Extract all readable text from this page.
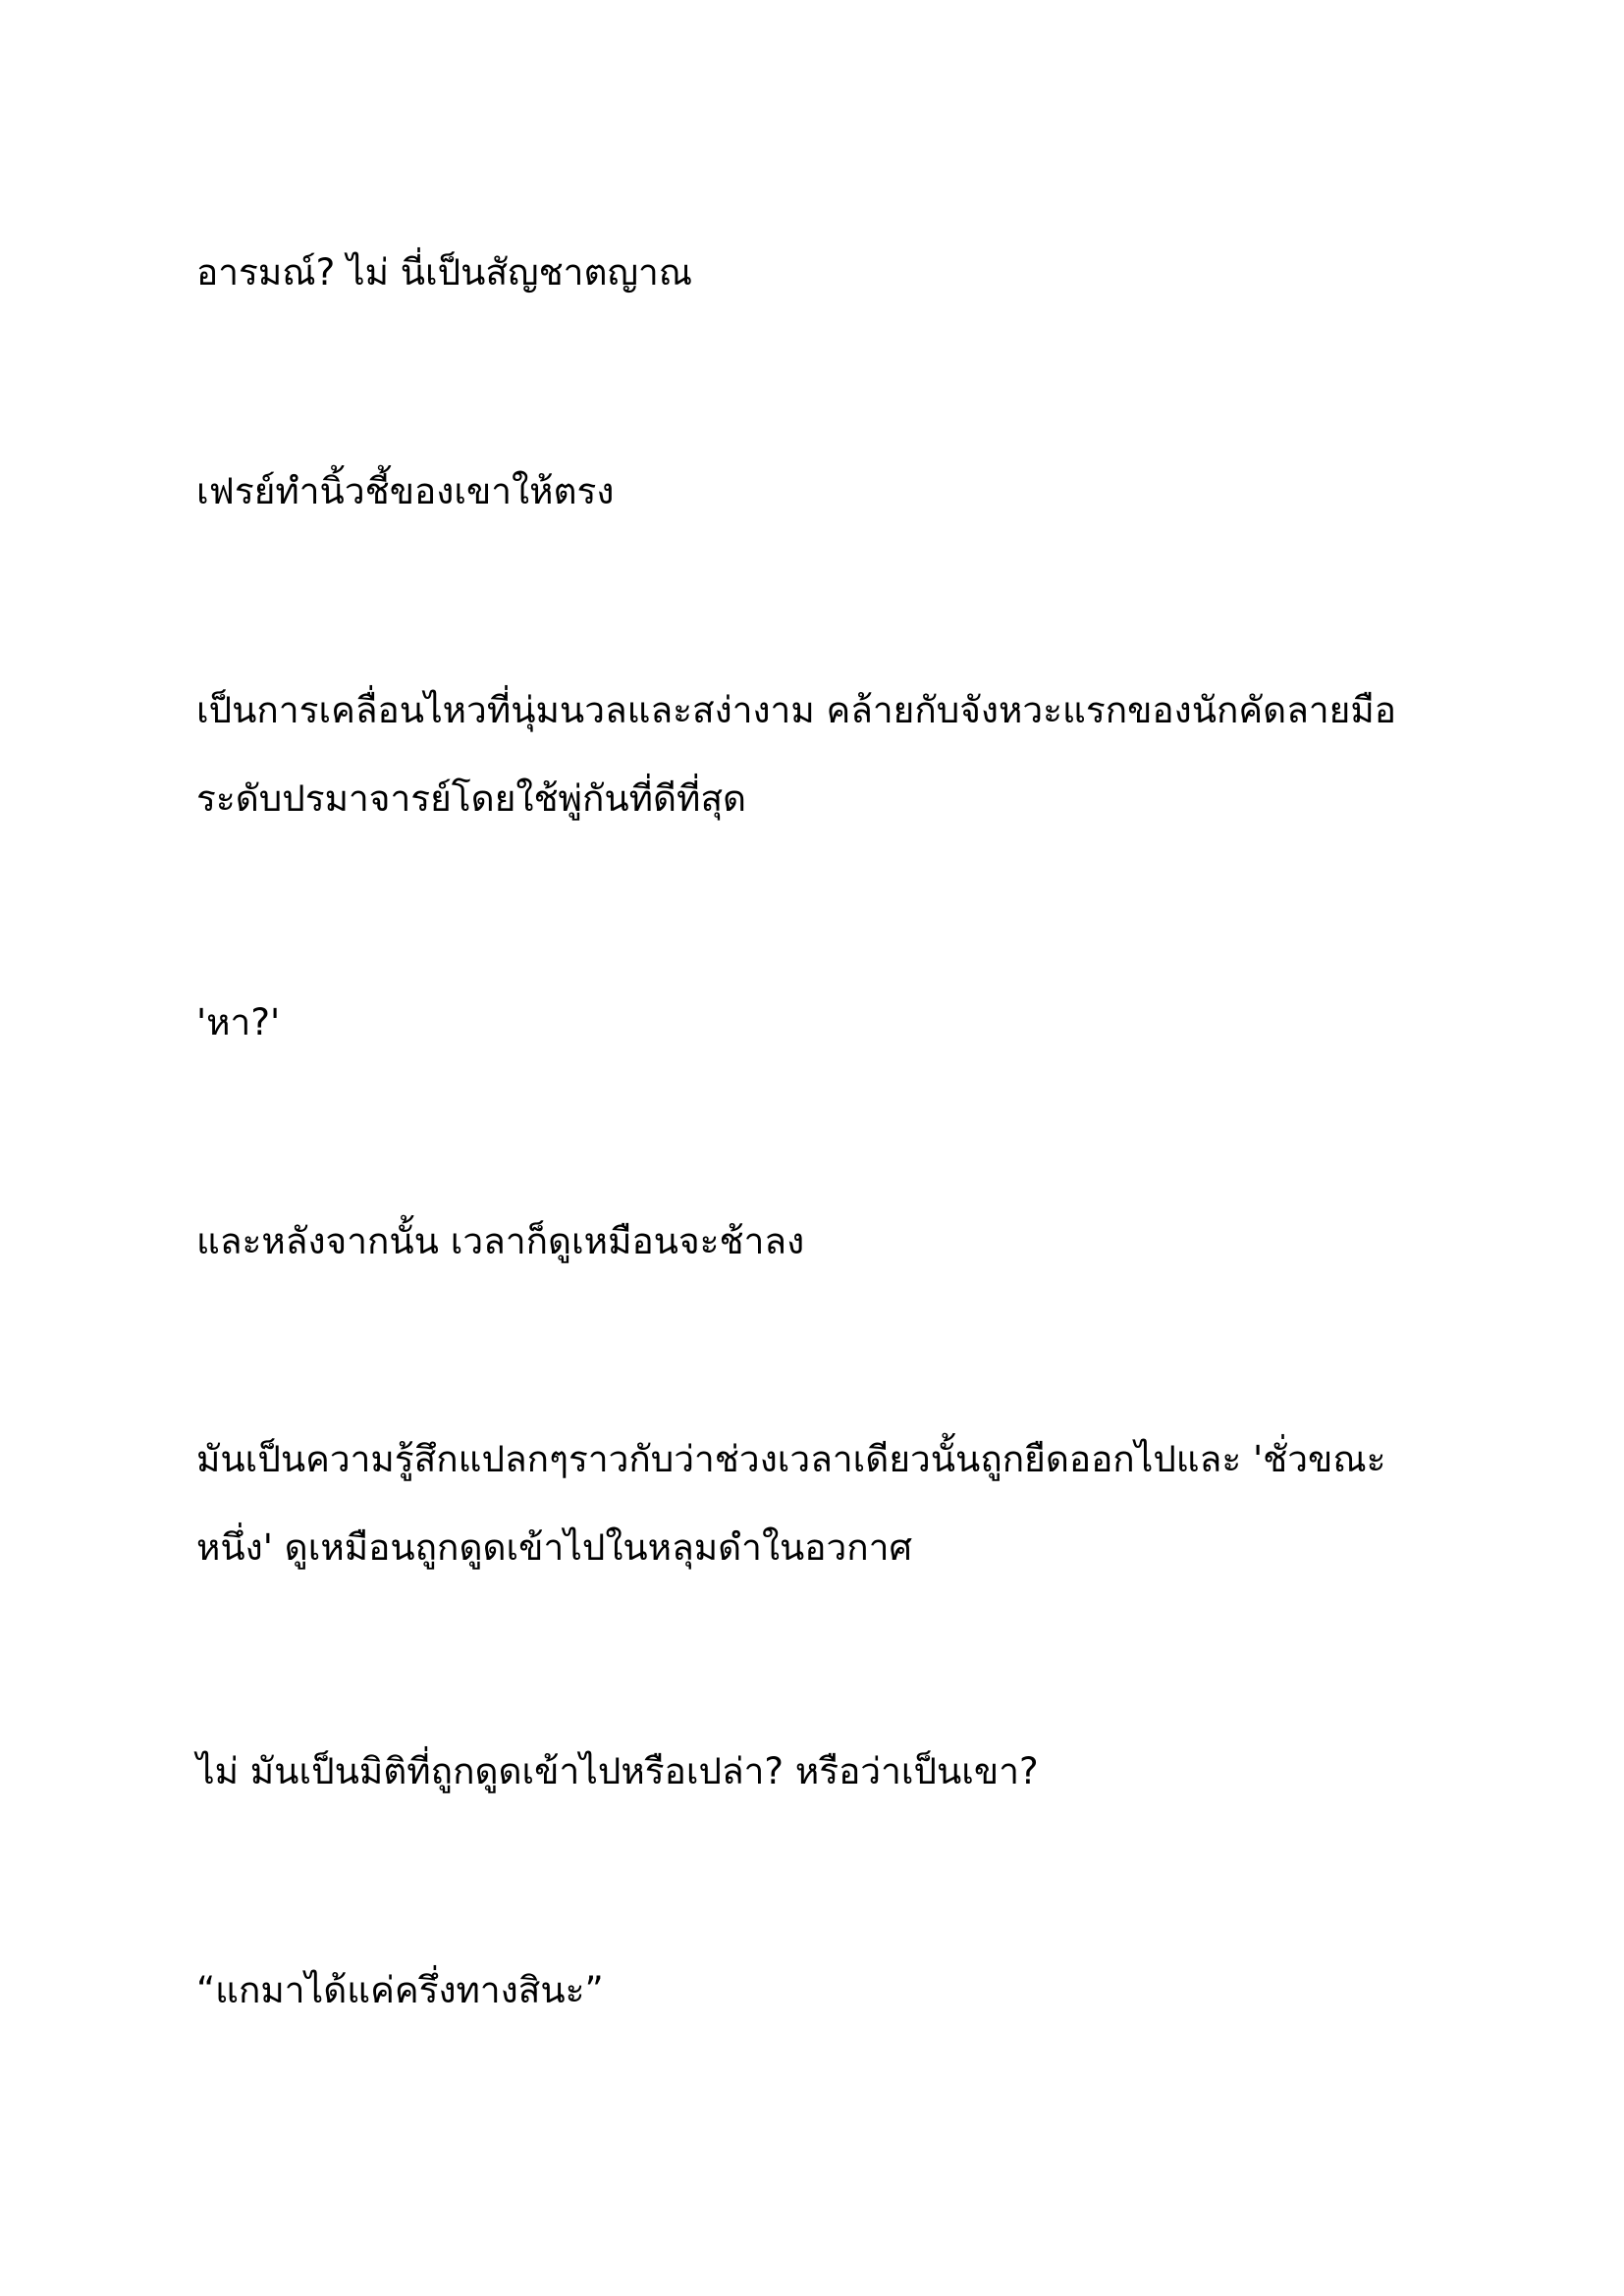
อารมณ์? ไม่ นี่เป็นสัญชาตญาณ

เฟรย์ทำนิ้วชี้ของเขาให้ตรง

เป็นการเคลื่อนไหวที่นุ่มนวลและสง่างาม คล้ายกับจังหวะแรกของนักคัดลายมือระดับปรมาจารย์โดยใช้พู่กันที่ดีที่สุด

'หา?'

และหลังจากนั้น เวลาก็ดูเหมือนจะช้าลง

มันเป็นความรู้สึกแปลกๆราวกับว่าช่วงเวลาเดียวนั้นถูกยืดออกไปและ 'ชั่วขณะหนึ่ง' ดูเหมือนถูกดูดเข้าไปในหลุมดำในอวกาศ

ไม่ มันเป็นมิติที่ถูกดูดเข้าไปหรือเปล่า? หรือว่าเป็นเขา?

“แกมาได้แค่ครึ่งทางสินะ”
